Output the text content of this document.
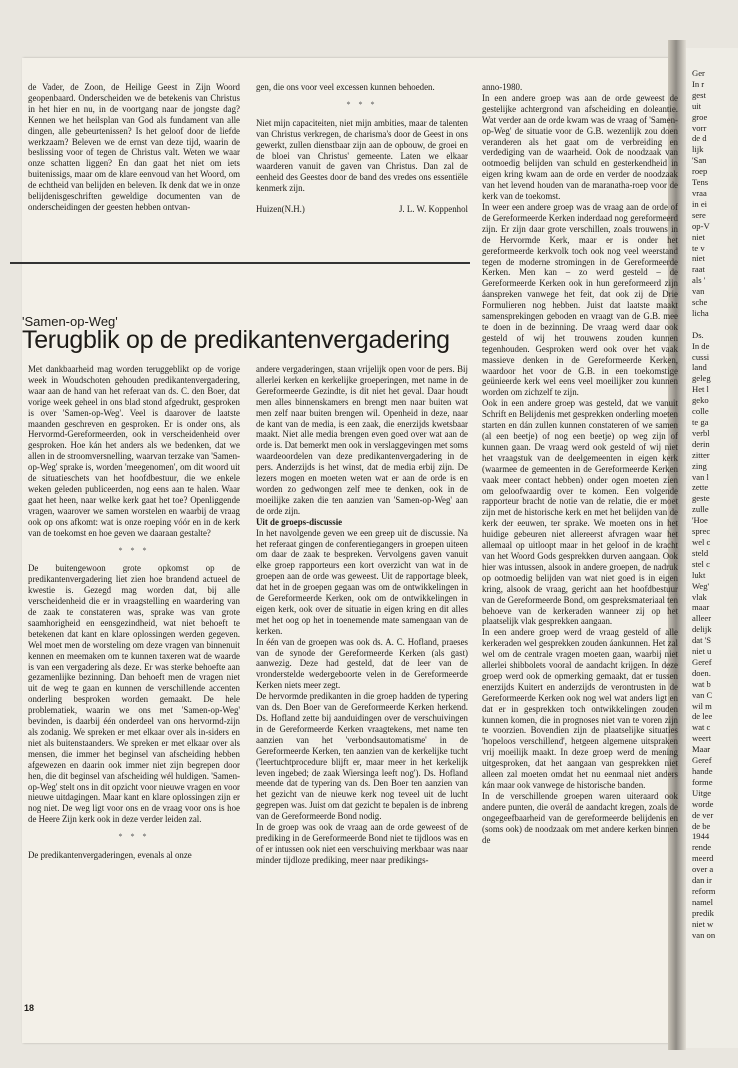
Ger
In r
gest
uit
groe
vorr
de d
lijk
'San
roep
Tens
vraa
in ei
sere
op-V
niet
te v
niet
raat
als '
van
sche
licha

Ds.
In de
cussi
land
geleg
Het l
geko
colle
te ga
verbl
derin
zitter
zing
van l
zette
geste
zulle
'Hoe
sprec
wel c
steld
stel c
lukt
Weg'
vlak
maar
alleer
delijk
dat 'S
niet u
Geref
doen.
wat b
van C
wil m
de lee
wat c
weert
Maar
Geref
hande
forme
Uitge
worde
de ver
de be
1944
rende
meerd
over a
dan ir
reform
namel
predik
niet w
van on

de Vader, de Zoon, de Heilige Geest in Zijn Woord geopenbaard. Onderscheiden we de betekenis van Christus in het hier en nu, in de voortgang naar de jongste dag? Kennen we het heilsplan van God als fundament van alle dingen, alle gebeurtenissen? Is het geloof door de liefde werkzaam? Beleven we de ernst van deze tijd, waarin de beslissing voor of tegen de Christus valt. Weten we waar onze schatten liggen? En dan gaat het niet om iets buitenissigs, maar om de klare eenvoud van het Woord, om de echtheid van belijden en beleven. Ik denk dat we in onze belijdenisgeschriften geweldige documenten van de onderscheidingen der geesten hebben ontvan-

gen, die ons voor veel excessen kunnen behoeden.

* * *

Niet mijn capaciteiten, niet mijn ambities, maar de talenten van Christus verkregen, de charisma's door de Geest in ons gewerkt, zullen dienstbaar zijn aan de opbouw, de groei en de bloei van Christus' gemeente. Laten we elkaar waarderen vanuit de gaven van Christus. Dan zal de eenheid des Geestes door de band des vredes ons essentiële kenmerk zijn.

Huizen(N.H.)	J. L. W. Koppenhol
'Samen-op-Weg'
Terugblik op de predikantenvergadering

Met dankbaarheid mag worden teruggeblikt op de vorige week in Woudschoten gehouden predikantenvergadering, waar aan de hand van het referaat van ds. C. den Boer, dat vorige week geheel in ons blad stond afgedrukt, gesproken is over 'Samen-op-Weg'. Veel is daarover de laatste maanden geschreven en gesproken. Er is onder ons, als Hervormd-Gereformeerden, ook in verscheidenheid over gesproken. Hoe kán het anders als we bedenken, dat we allen in de stroomversnelling, waarvan terzake van 'Samen-op-Weg' sprake is, worden 'meegenomen', om dit woord uit de situatieschets van het hoofdbestuur, die we enkele weken geleden publiceerden, nog eens aan te halen. Waar gaat het heen, naar welke kerk gaat het toe? Openliggende vragen, waarover we samen worstelen en waarbij de vraag ook op ons afkomt: wat is onze roeping vóór en in de kerk van de toekomst en hoe geven we daaraan gestalte?

* * *

De buitengewoon grote opkomst op de predikantenvergadering liet zien hoe brandend actueel de kwestie is. Gezegd mag worden dat, bij alle verscheidenheid die er in vraagstelling en waardering van de zaak te constateren was, sprake was van grote saamhorigheid en eensgezindheid, wat niet behoeft te betekenen dat kant en klare oplossingen werden gegeven. Wel moet men de worsteling om deze vragen van binnenuit kennen en meemaken om te kunnen taxeren wat de waarde is van een vergadering als deze. Er was sterke behoefte aan gezamenlijke bezinning. Dan behoeft men de vragen niet uit de weg te gaan en kunnen de verschillende accenten onderling besproken worden gemaakt. De hele problematiek, waarin we ons met 'Samen-op-Weg' bevinden, is daarbij één onderdeel van ons hervormd-zijn als zodanig. We spreken er met elkaar over als in-siders en niet als buitenstaanders. We spreken er met elkaar over als mensen, die immer het beginsel van afscheiding hebben afgewezen en daarin ook immer niet zijn begrepen door hen, die dit beginsel van afscheiding wél huldigen. 'Samen-op-Weg' stelt ons in dit opzicht voor nieuwe vragen en voor nieuwe uitdagingen. Maar kant en klare oplossingen zijn er nog niet. De weg ligt voor ons en de vraag voor ons is hoe de Heere Zijn kerk ook in deze verder leiden zal.

* * *

De predikantenvergaderingen, evenals al onze

andere vergaderingen, staan vrijelijk open voor de pers. Bij allerlei kerken en kerkelijke groeperingen, met name in de Gereformeerde Gezindte, is dit niet het geval. Daar houdt men alles binnenskamers en brengt men naar buiten wat men zelf naar buiten brengen wil. Openheid in deze, naar de kant van de media, is een zaak, die enerzijds kwetsbaar maakt. Niet alle media brengen even goed over wat aan de orde is. Dat bemerkt men ook in verslaggevingen met soms waardeoordelen van deze predikantenvergadering in de pers. Anderzijds is het winst, dat de media erbij zijn. De lezers mogen en moeten weten wat er aan de orde is en worden zo gedwongen zelf mee te denken, ook in de moeilijke zaken die ten aanzien van 'Samen-op-Weg' aan de orde zijn.

Uit de groeps-discussie

In het navolgende geven we een greep uit de discussie. Na het referaat gingen de conferentiegangers in groepen uiteen om daar de zaak te bespreken. Vervolgens gaven vanuit elke groep rapporteurs een kort overzicht van wat in de groepen aan de orde was geweest. Uit de rapportage bleek, dat het in de groepen gegaan was om de ontwikkelingen in de Gereformeerde Kerken, ook om de ontwikkelingen in eigen kerk, ook over de situatie in eigen kring en dit alles met het oog op het in toenemende mate samengaan van de kerken.

In één van de groepen was ook ds. A. C. Hofland, praeses van de synode der Gereformeerde Kerken (als gast) aanwezig. Deze had gesteld, dat de leer van de vronderstelde wedergeboorte velen in de Gereformeerde Kerken niets meer zegt.

De hervormde predikanten in die groep hadden de typering van ds. Den Boer van de Gereformeerde Kerken herkend. Ds. Hofland zette bij aanduidingen over de verschuivingen in de Gereformeerde Kerken vraagtekens, met name ten aanzien van het 'verbondsautomatisme' in de Gereformeerde Kerken, ten aanzien van de kerkelijke tucht ('leertuchtprocedure blijft er, maar meer in het kerkelijk leven ingebed; de zaak Wiersinga leeft nog'). Ds. Hofland meende dat de typering van ds. Den Boer ten aanzien van het gezicht van de nieuwe kerk nog teveel uit de lucht gegrepen was. Juist om dat gezicht te bepalen is de inbreng van de Gereformeerde Bond nodig.

In de groep was ook de vraag aan de orde geweest of de prediking in de Gereformeerde Bond niet te tijdloos was en of er intussen ook niet een verschuiving merkbaar was naar minder tijdloze prediking, meer naar predikings-

anno-1980.

In een andere groep was aan de orde geweest de gestelijke achtergrond van afscheiding en doleantie. Wat verder aan de orde kwam was de vraag of 'Samen-op-Weg' de situatie voor de G.B. wezenlijk zou doen veranderen als het gaat om de verbreiding en verdediging van de waarheid. Ook de noodzaak van ootmoedig belijden van schuld en gesterkendheid in eigen kring kwam aan de orde en verder de noodzaak van het levend houden van de maranatha-roep voor de kerk van de toekomst.

In weer een andere groep was de vraag aan de orde of de Gereformeerde Kerken inderdaad nog gereformeerd zijn. Er zijn daar grote verschillen, zoals trouwens in de Hervormde Kerk, maar er is onder het gereformeerde kerkvolk toch ook nog veel weerstand tegen de moderne stromingen in de Gereformeerde Kerken. Men kan – zo werd gesteld – de Gereformeerde Kerken ook in hun gereformeerd zijn áanspreken vanwege het feit, dat ook zij de Drie Formulieren nog hebben. Juist dat laatste maakt samensprekingen geboden en vraagt van de G.B. mee te doen in de bezinning. De vraag werd daar ook gesteld of wij het trouwens zouden kunnen tegenhouden. Gesproken werd ook over het vaak massieve denken in de Gereformeerde Kerken, waardoor het voor de G.B. in een toekomstige geünieerde kerk wel eens veel moeilijker zou kunnen worden om zichzelf te zijn.

Ook in een andere groep was gesteld, dat we vanuit Schrift en Belijdenis met gesprekken onderling moeten starten en dán zullen kunnen constateren of we samen (al een beetje) of nog een beetje) op weg zijn of kunnen gaan. De vraag werd ook gesteld of wij niet het vraagstuk van de deelgemeenten in eigen kerk (waarmee de gemeenten in de Gereformeerde Kerken vaak meer contact hebben) onder ogen moeten zien om geloofwaardig over te komen. Een volgende rapporteur bracht de notie van de relatie, die er moet zijn met de historische kerk en met het belijden van de kerk der eeuwen, ter sprake. We moeten ons in het huidige gebeuren niet allereerst afvragen waar het allemaal op uitloopt maar in het geloof in de kracht van het Woord Gods gesprekken durven aangaan. Ook hier was intussen, alsook in andere groepen, de nadruk op ootmoedig belijden van wat niet goed is in eigen kring, alsook de vraag, gericht aan het hoofdbestuur van de Gereformeerde Bond, om gespreksmateriaal ten behoeve van de kerkeraden wanneer zij op het plaatselijk vlak gesprekken aangaan.

In een andere groep werd de vraag gesteld of alle kerkeraden wel gesprekken zouden áankunnen. Het zal wel om de centrale vragen moeten gaan, waarbij niet allerlei shibbolets vooral de aandacht krijgen. In deze groep werd ook de opmerking gemaakt, dat er tussen enerzijds Kuitert en anderzijds de verontrusten in de Gereformeerde Kerken ook nog wel wat anders ligt en dat er in gesprekken toch ontwikkelingen zouden kunnen komen, die in prognoses niet van te voren zijn te voorzien. Bovendien zijn de plaatselijke situaties 'hopeloos verschillend', hetgeen algemene uitspraken vrij moeilijk maakt. In deze groep werd de mening uitgesproken, dat het aangaan van gesprekken niet alleen zal moeten omdat het nu eenmaal niet anders kán maar ook vanwege de historische banden.

In de verschillende groepen waren uiteraard ook andere punten, die overál de aandacht kregen, zoals de ongegeefbaarheid van de gereformeerde belijdenis en (soms ook) de noodzaak om met andere kerken binnen de

18
